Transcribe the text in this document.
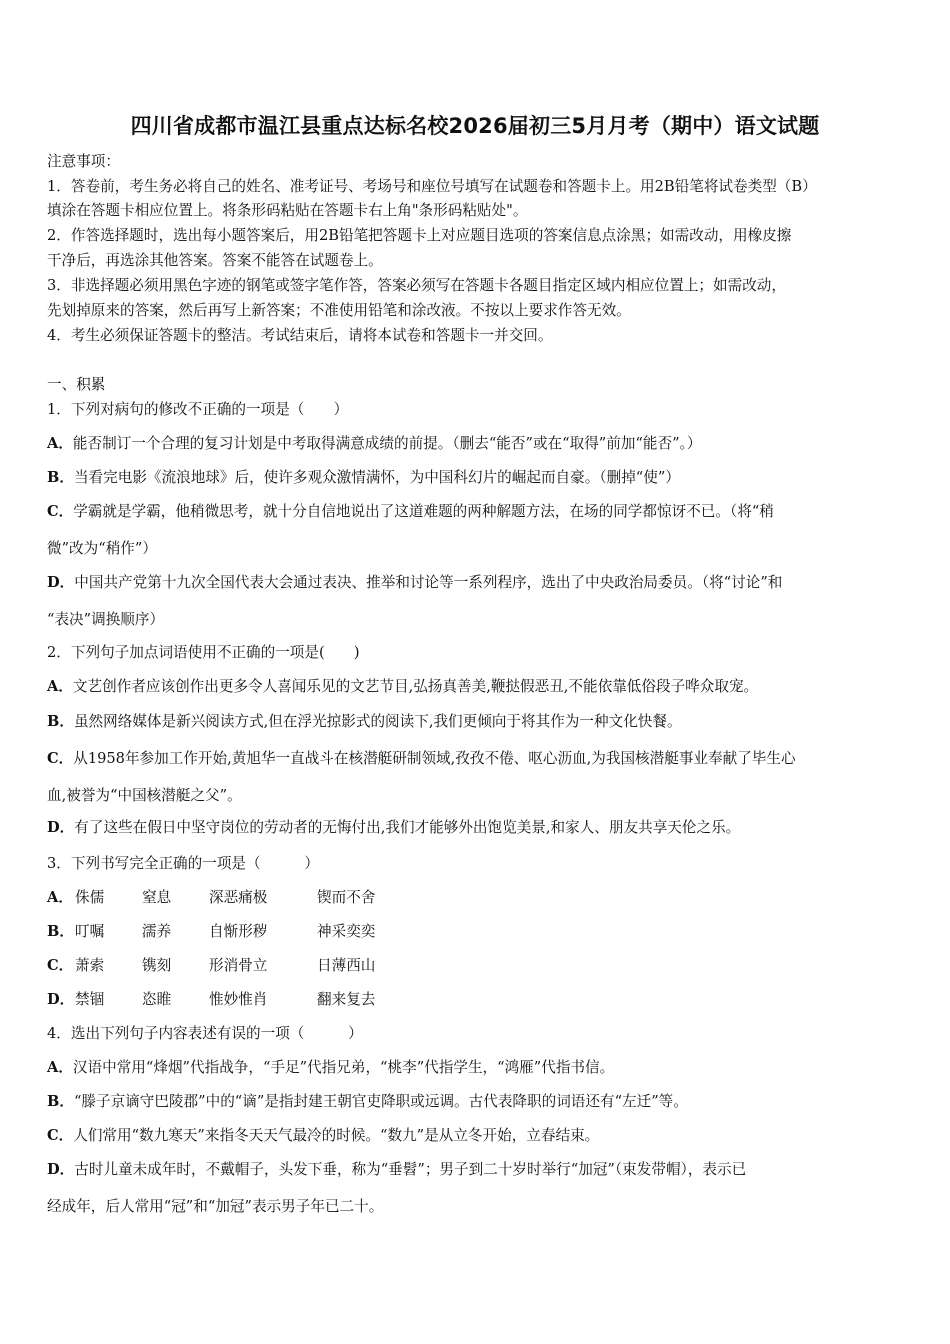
四川省成都市温江县重点达标名校2026届初三5月月考（期中）语文试题
注意事项：
1．答卷前，考生务必将自己的姓名、准考证号、考场号和座位号填写在试题卷和答题卡上。用2B铅笔将试卷类型（B）
填涂在答题卡相应位置上。将条形码粘贴在答题卡右上角"条形码粘贴处"。
2．作答选择题时，选出每小题答案后，用2B铅笔把答题卡上对应题目选项的答案信息点涂黑；如需改动，用橡皮擦
干净后，再选涂其他答案。答案不能答在试题卷上。
3．非选择题必须用黑色字迹的钢笔或签字笔作答，答案必须写在答题卡各题目指定区域内相应位置上；如需改动，
先划掉原来的答案，然后再写上新答案；不准使用铅笔和涂改液。不按以上要求作答无效。
4．考生必须保证答题卡的整洁。考试结束后，请将本试卷和答题卡一并交回。
一、积累
1．下列对病句的修改不正确的一项是（　　）
A．能否制订一个合理的复习计划是中考取得满意成绩的前提。（删去“能否”或在“取得”前加“能否”。）
B．当看完电影《流浪地球》后，使许多观众激情满怀，为中国科幻片的崛起而自豪。（删掉“使”）
C．学霸就是学霸，他稍微思考，就十分自信地说出了这道难题的两种解题方法，在场的同学都惊讶不已。（将“稍
微”改为“稍作”）
D．中国共产党第十九次全国代表大会通过表决、推举和讨论等一系列程序，选出了中央政治局委员。（将“讨论”和
“表决”调换顺序）
2．下列句子加点词语使用不正确的一项是(　　)
A．文艺创作者应该创作出更多令人喜闻乐见的文艺节目,弘扬真善美,鞭挞假恶丑,不能依靠低俗段子哗众取宠。
B．虽然网络媒体是新兴阅读方式,但在浮光掠影式的阅读下,我们更倾向于将其作为一种文化快餐。
C．从1958年参加工作开始,黄旭华一直战斗在核潜艇研制领域,孜孜不倦、呕心沥血,为我国核潜艇事业奉献了毕生心
血,被誉为“中国核潜艇之父”。
D．有了这些在假日中坚守岗位的劳动者的无悔付出,我们才能够外出饱览美景,和家人、朋友共享天伦之乐。
3．下列书写完全正确的一项是（　　　）
A． 侏儒	窒息	深恶痛极	锲而不舍
B． 叮嘱	濡养	自惭形秽	神采奕奕
C． 萧索	镌刻	形消骨立	日薄西山
D． 禁锢	恣睢	惟妙惟肖	翻来复去
4．选出下列句子内容表述有误的一项（　　　）
A．汉语中常用“烽烟”代指战争，“手足”代指兄弟，“桃李”代指学生，“鸿雁”代指书信。
B．“滕子京谪守巴陵郡”中的“谪”是指封建王朝官吏降职或远调。古代表降职的词语还有“左迁”等。
C．人们常用“数九寒天”来指冬天天气最冷的时候。“数九”是从立冬开始，立春结束。
D．古时儿童未成年时，不戴帽子，头发下垂，称为“垂髫”；男子到二十岁时举行“加冠”（束发带帽），表示已
经成年，后人常用“冠”和“加冠”表示男子年已二十。
